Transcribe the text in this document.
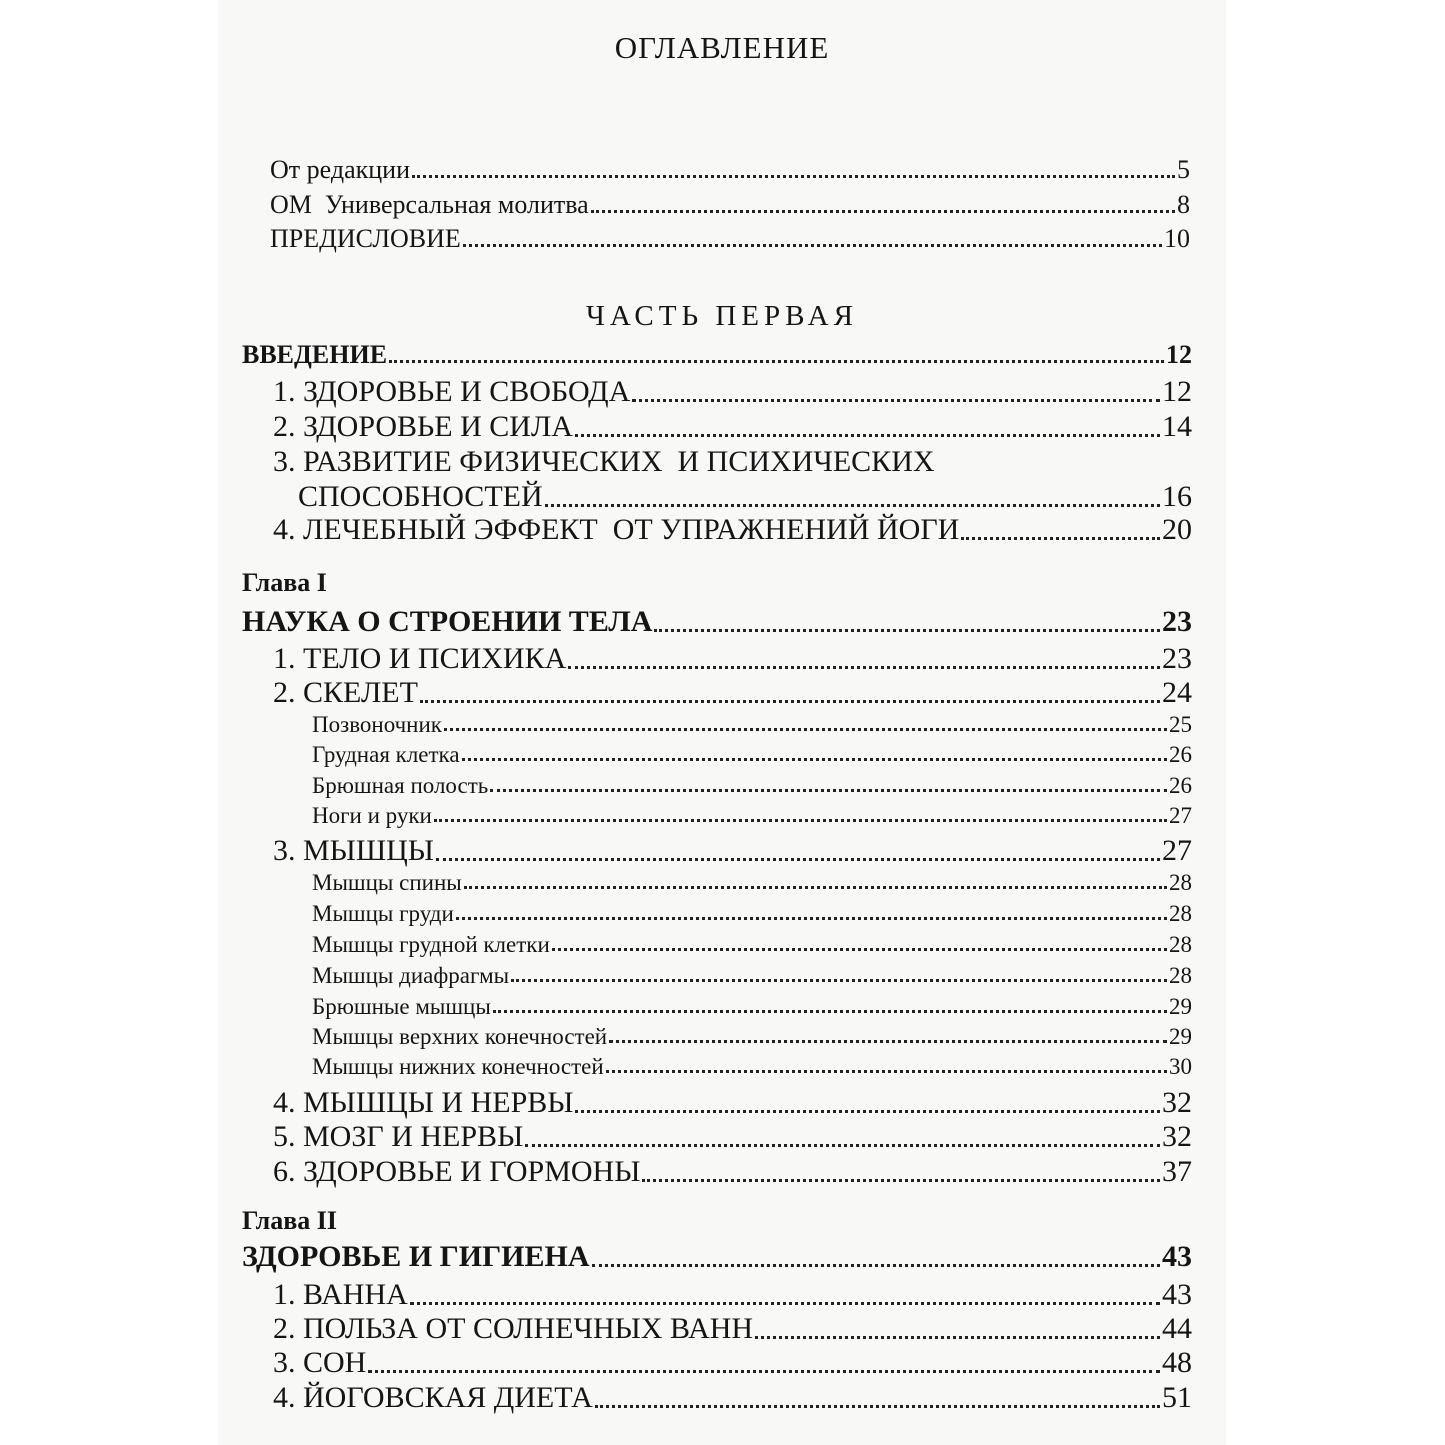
ОГЛАВЛЕНИЕ
От редакции	5
ОМ  Универсальная молитва	8
ПРЕДИСЛОВИЕ	10
ЧАСТЬ ПЕРВАЯ
ВВЕДЕНИЕ	12
1. ЗДОРОВЬЕ И СВОБОДА	12
2. ЗДОРОВЬЕ И СИЛА	14
3. РАЗВИТИЕ ФИЗИЧЕСКИХ  И ПСИХИЧЕСКИХ
СПОСОБНОСТЕЙ	16
4. ЛЕЧЕБНЫЙ ЭФФЕКТ  ОТ УПРАЖНЕНИЙ ЙОГИ	20
Глава I
НАУКА О СТРОЕНИИ ТЕЛА	23
1. ТЕЛО И ПСИХИКА	23
2. СКЕЛЕТ	24
Позвоночник	25
Грудная клетка	26
Брюшная полость	26
Ноги и руки	27
3. МЫШЦЫ	27
Мышцы спины	28
Мышцы груди	28
Мышцы грудной клетки	28
Мышцы диафрагмы	28
Брюшные мышцы	29
Мышцы верхних конечностей	29
Мышцы нижних конечностей	30
4. МЫШЦЫ И НЕРВЫ	32
5. МОЗГ И НЕРВЫ	32
6. ЗДОРОВЬЕ И ГОРМОНЫ	37
Глава II
ЗДОРОВЬЕ И ГИГИЕНА	43
1. ВАННА	43
2. ПОЛЬЗА ОТ СОЛНЕЧНЫХ ВАНН	44
3. СОН	48
4. ЙОГОВСКАЯ ДИЕТА	51
